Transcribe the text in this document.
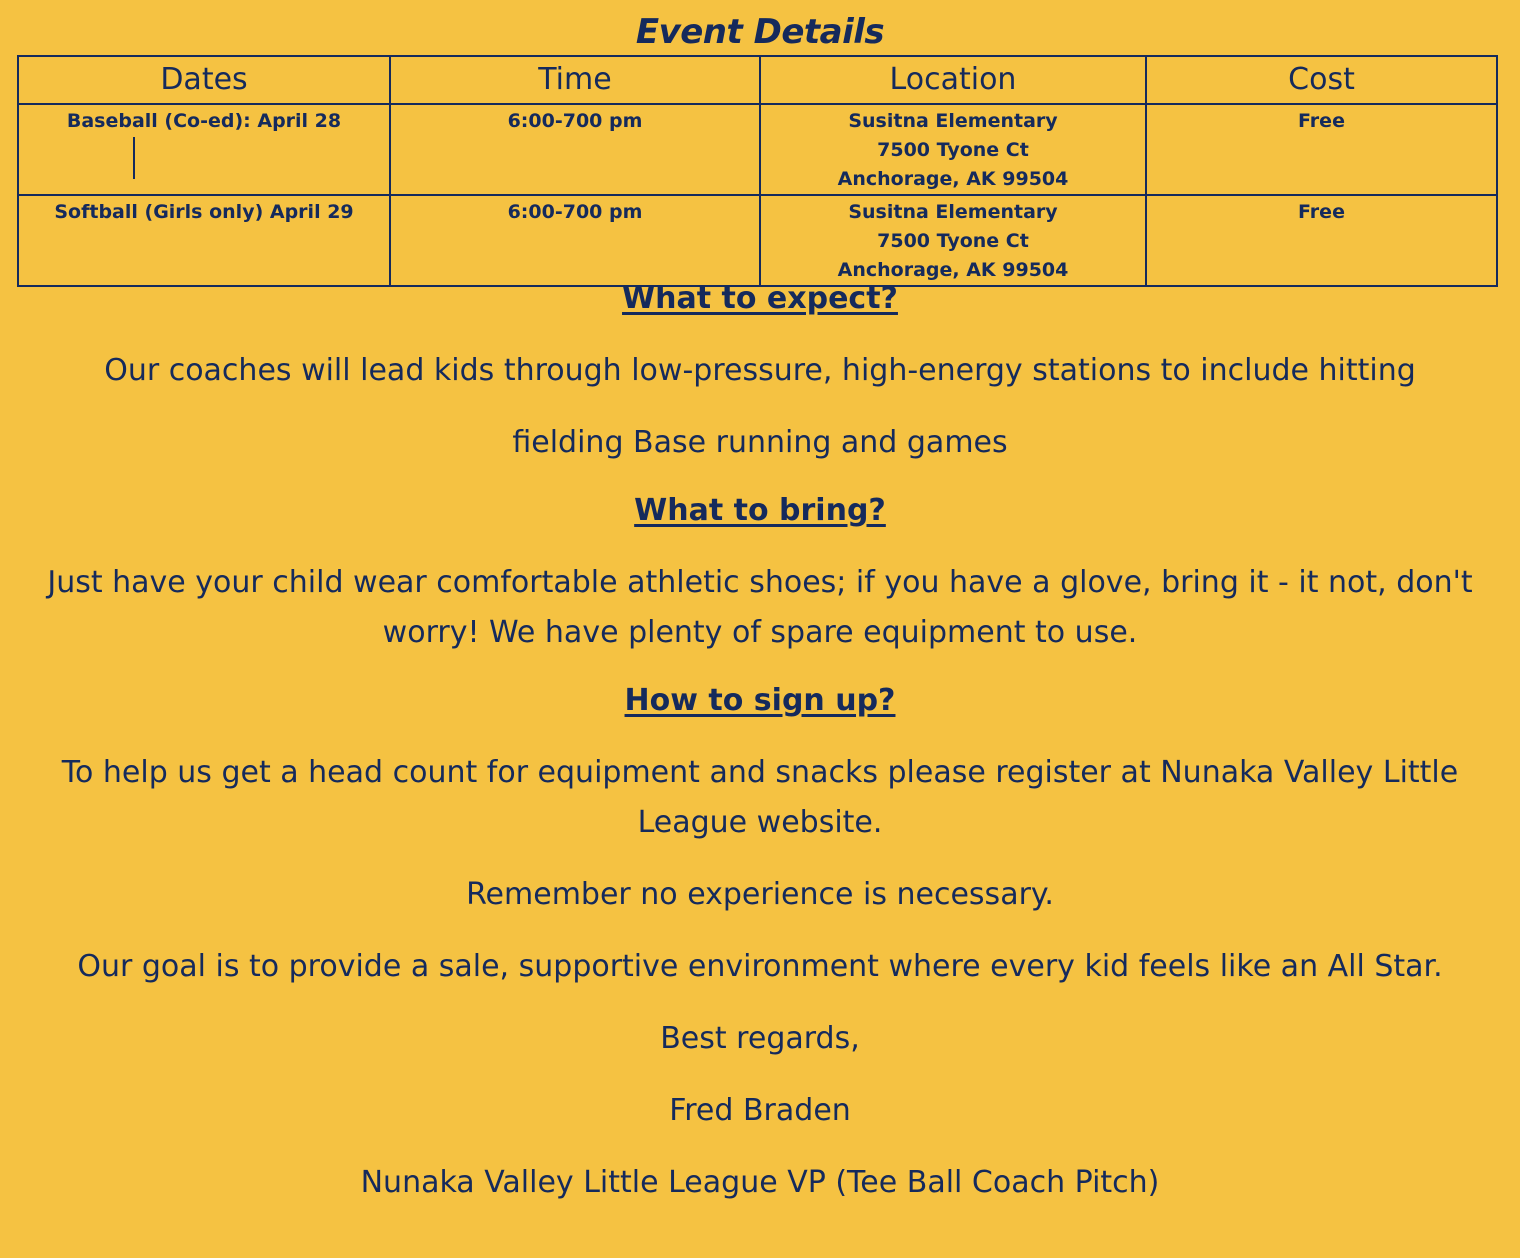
Event Details
Dates	Time	Location	Cost

Baseball (Co-ed): April 28	6:00-700 pm	Susitna Elementary
7500 Tyone Ct
Anchorage, AK 99504	Free

Softball (Girls only) April 29	6:00-700 pm	Susitna Elementary
7500 Tyone Ct
Anchorage, AK 99504	Free
What to expect?

Our coaches will lead kids through low-pressure, high-energy stations to include hitting

fielding Base running and games

What to bring?

Just have your child wear comfortable athletic shoes; if you have a glove, bring it - it not, don't worry! We have plenty of spare equipment to use.

How to sign up?

To help us get a head count for equipment and snacks please register at Nunaka Valley Little League website.

Remember no experience is necessary.

Our goal is to provide a sale, supportive environment where every kid feels like an All Star.

Best regards,

Fred Braden

Nunaka Valley Little League VP (Tee Ball Coach Pitch)
